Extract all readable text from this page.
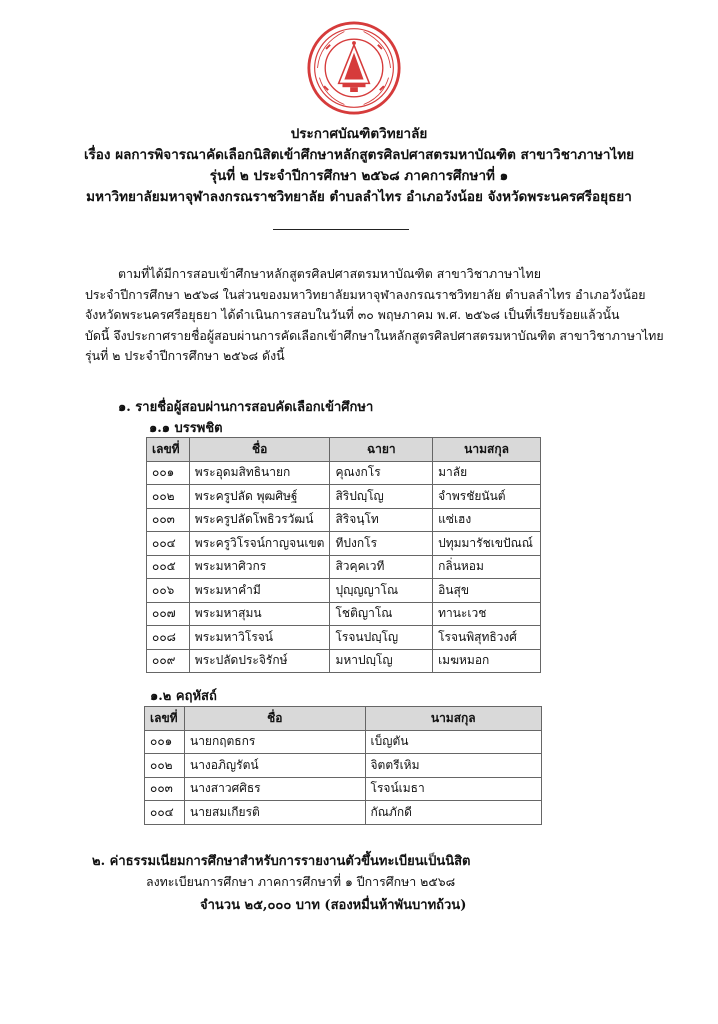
ประกาศบัณฑิตวิทยาลัย
เรื่อง ผลการพิจารณาคัดเลือกนิสิตเข้าศึกษาหลักสูตรศิลปศาสตรมหาบัณฑิต สาขาวิชาภาษาไทย
รุ่นที่ ๒ ประจำปีการศึกษา ๒๕๖๘ ภาคการศึกษาที่ ๑
มหาวิทยาลัยมหาจุฬาลงกรณราชวิทยาลัย ตำบลลำไทร อำเภอวังน้อย จังหวัดพระนครศรีอยุธยา
ตามที่ได้มีการสอบเข้าศึกษาหลักสูตรศิลปศาสตรมหาบัณฑิต สาขาวิชาภาษาไทย
ประจำปีการศึกษา ๒๕๖๘ ในส่วนของมหาวิทยาลัยมหาจุฬาลงกรณราชวิทยาลัย ตำบลลำไทร อำเภอวังน้อย
จังหวัดพระนครศรีอยุธยา ได้ดำเนินการสอบในวันที่ ๓๐ พฤษภาคม พ.ศ. ๒๕๖๘ เป็นที่เรียบร้อยแล้วนั้น
บัดนี้ จึงประกาศรายชื่อผู้สอบผ่านการคัดเลือกเข้าศึกษาในหลักสูตรศิลปศาสตรมหาบัณฑิต สาขาวิชาภาษาไทย
รุ่นที่ ๒ ประจำปีการศึกษา ๒๕๖๘ ดังนี้
๑. รายชื่อผู้สอบผ่านการสอบคัดเลือกเข้าศึกษา
๑.๑ บรรพชิต
เลขที่	ชื่อ	ฉายา	นามสกุล
๐๐๑	พระอุดมสิทธินายก	คุณงกโร	มาลัย
๐๐๒	พระครูปลัด พุฒศิษฐ์	สิริปญฺโญ	จำพรชัยนันต์
๐๐๓	พระครูปลัดโพธิวรวัฒน์	สิริจนฺโท	แซ่เฮง
๐๐๔	พระครูวิโรจน์กาญจนเขต	ทีปงกโร	ปทุมมารัชเขปัณณ์
๐๐๕	พระมหาศิวกร	สิวคฺคเวที	กลิ่นหอม
๐๐๖	พระมหาคำมี	ปุญฺญญาโณ	อินสุข
๐๐๗	พระมหาสุมน	โชติญาโณ	ทานะเวช
๐๐๘	พระมหาวิโรจน์	โรจนปญฺโญ	โรจนพิสุทธิวงศ์
๐๐๙	พระปลัดประจิรักษ์	มหาปญฺโญ	เมฆหมอก
๑.๒ คฤหัสถ์
เลขที่	ชื่อ	นามสกุล
๐๐๑	นายกฤตธกร	เบ็ญตัน
๐๐๒	นางอภิญรัตน์	จิตตรีเหิม
๐๐๓	นางสาวศศิธร	โรจน์เมธา
๐๐๔	นายสมเกียรติ	กัณภักดี
๒. ค่าธรรมเนียมการศึกษาสำหรับการรายงานตัวขึ้นทะเบียนเป็นนิสิต
ลงทะเบียนการศึกษา ภาคการศึกษาที่ ๑ ปีการศึกษา ๒๕๖๘
จำนวน ๒๕,๐๐๐ บาท (สองหมื่นห้าพันบาทถ้วน)
